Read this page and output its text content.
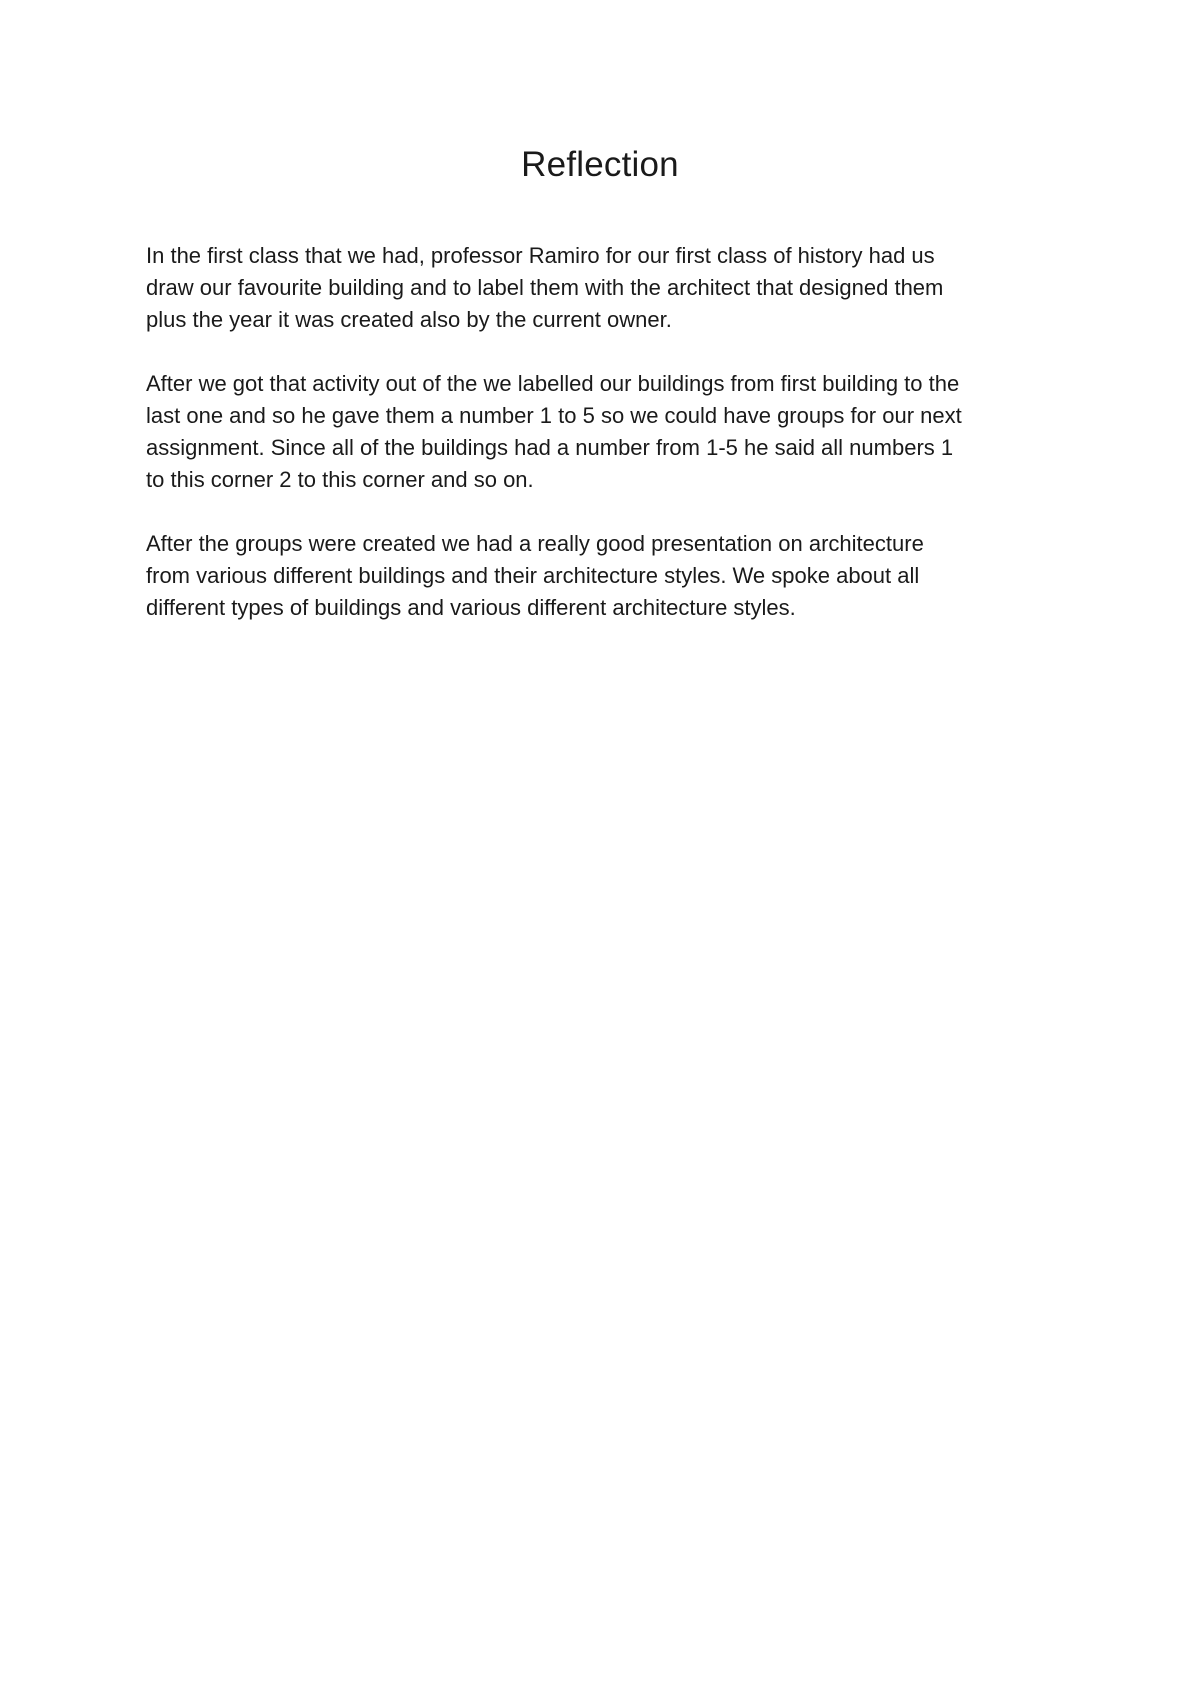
Reflection

In the first class that we had, professor Ramiro for our first class of history had us
draw our favourite building and to label them with the architect that designed them
plus the year it was created also by the current owner.

After we got that activity out of the we labelled our buildings from first building to the
last one and so he gave them a number 1 to 5 so we could have groups for our next
assignment. Since all of the buildings had a number from 1-5 he said all numbers 1
to this corner 2 to this corner and so on.

After the groups were created we had a really good presentation on architecture
from various different buildings and their architecture styles. We spoke about all
different types of buildings and various different architecture styles.
